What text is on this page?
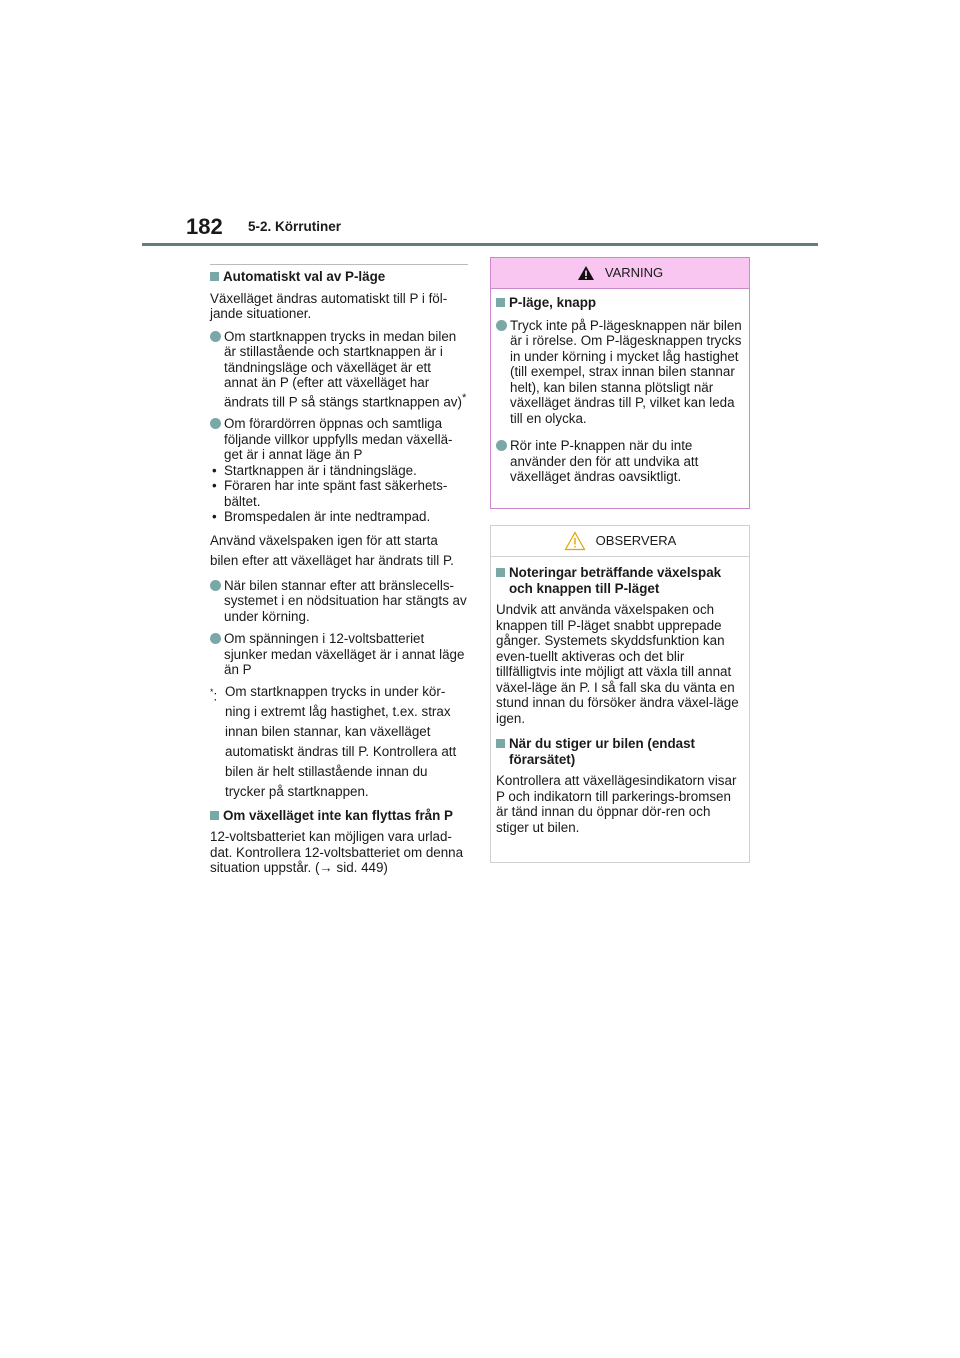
182 5-2. Körrutiner
Automatiskt val av P-läge

Växelläget ändras automatiskt till P i föl-jande situationer.

Om startknappen trycks in medan bilen är stillastående och startknappen är i tändningsläge och växelläget är ett annat än P (efter att växelläget har ändrats till P så stängs startknappen av)*
Om förardörren öppnas och samtliga följande villkor uppfylls medan växellä-get är i annat läge än P
• Startknappen är i tändningsläge.
• Föraren har inte spänt fast säkerhets-bältet.
• Bromspedalen är inte nedtrampad.

Använd växelspaken igen för att starta bilen efter att växelläget har ändrats till P.

När bilen stannar efter att bränslecells-systemet i en nödsituation har stängts av under körning.
Om spänningen i 12-voltsbatteriet sjunker medan växelläget är i annat läge än P
*: Om startknappen trycks in under kör-ning i extremt låg hastighet, t.ex. strax innan bilen stannar, kan växelläget automatiskt ändras till P. Kontrollera att bilen är helt stillastående innan du trycker på startknappen.
Om växelläget inte kan flyttas från P

12-voltsbatteriet kan möjligen vara urlad-dat. Kontrollera 12-voltsbatteriet om denna situation uppstår. (→ sid. 449)

VARNING
P-läge, knapp
Tryck inte på P-lägesknappen när bilen är i rörelse. Om P-lägesknappen trycks in under körning i mycket låg hastighet (till exempel, strax innan bilen stannar helt), kan bilen stanna plötsligt när växelläget ändras till P, vilket kan leda till en olycka.
Rör inte P-knappen när du inte använder den för att undvika att växelläget ändras oavsiktligt.
OBSERVERA
Noteringar beträffande växelspak och knappen till P-läget

Undvik att använda växelspaken och knappen till P-läget snabbt upprepade gånger. Systemets skyddsfunktion kan even-tuellt aktiveras och det blir tillfälligtvis inte möjligt att växla till annat växel-läge än P. I så fall ska du vänta en stund innan du försöker ändra växel-läge igen.

När du stiger ur bilen (endast förarsätet)

Kontrollera att växellägesindikatorn visar P och indikatorn till parkerings-bromsen är tänd innan du öppnar dör-ren och stiger ut bilen.
